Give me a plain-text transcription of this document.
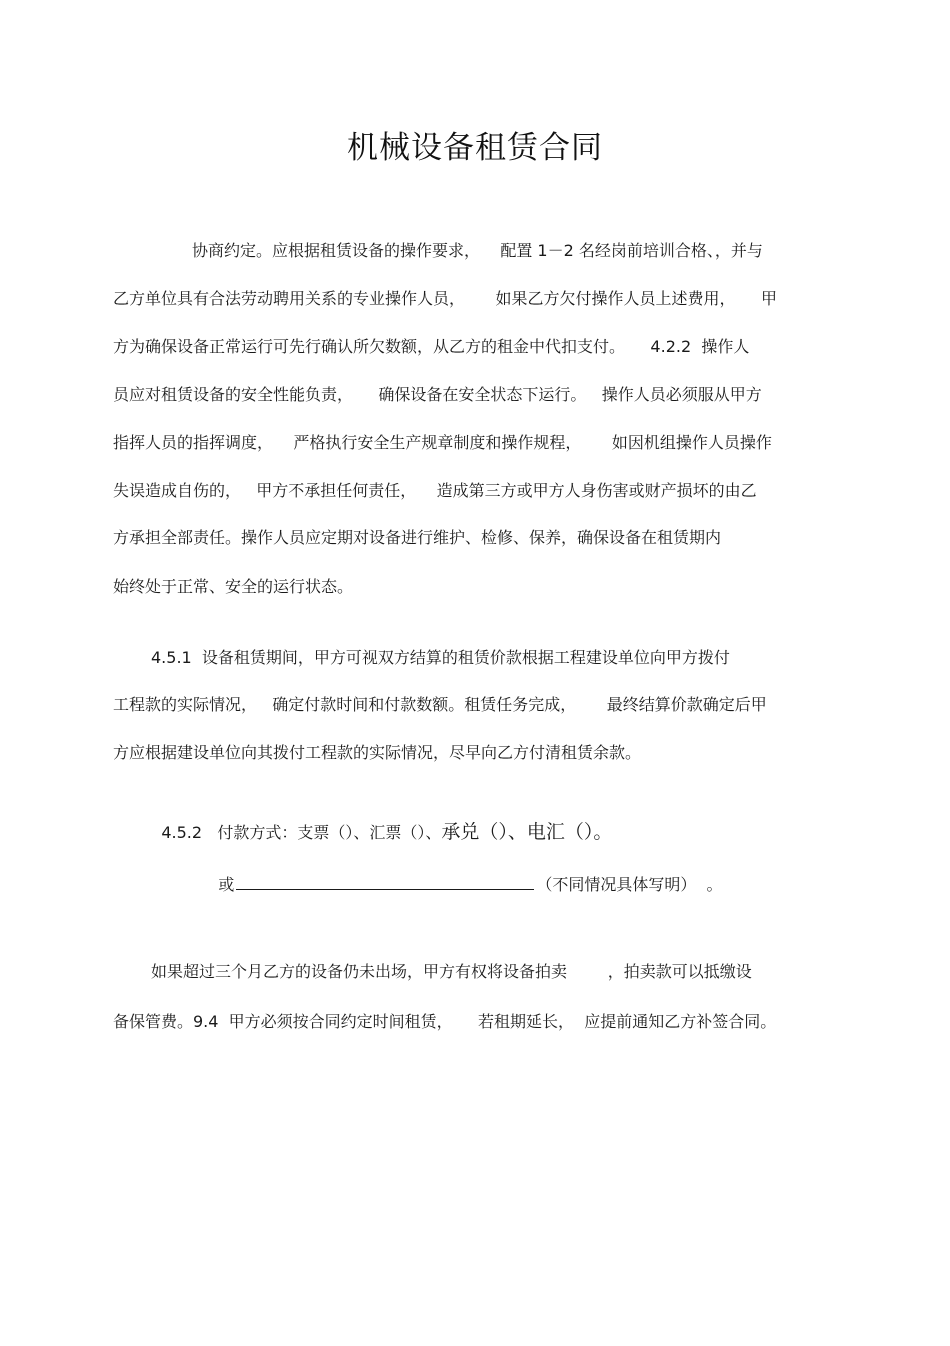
机械设备租赁合同
协商约定。应根据租赁设备的操作要求，    配置 1－2 名经岗前培训合格、，并与
乙方单位具有合法劳动聘用关系的专业操作人员，      如果乙方欠付操作人员上述费用，     甲
方为确保设备正常运行可先行确认所欠数额，从乙方的租金中代扣支付。     4.2.2  操作人
员应对租赁设备的安全性能负责，     确保设备在安全状态下运行。   操作人员必须服从甲方
指挥人员的指挥调度，    严格执行安全生产规章制度和操作规程，      如因机组操作人员操作
失误造成自伤的，   甲方不承担任何责任，    造成第三方或甲方人身伤害或财产损坏的由乙
方承担全部责任。操作人员应定期对设备进行维护、检修、保养，确保设备在租赁期内
始终处于正常、安全的运行状态。
4.5.1  设备租赁期间，甲方可视双方结算的租赁价款根据工程建设单位向甲方拨付
工程款的实际情况，   确定付款时间和付款数额。租赁任务完成，      最终结算价款确定后甲
方应根据建设单位向其拨付工程款的实际情况，尽早向乙方付清租赁余款。

4.5.2   付款方式：支票（）、汇票（）、承兑（）、电汇（）。

或	（不同情况具体写明）  。

如果超过三个月乙方的设备仍未出场，甲方有权将设备拍卖        ，拍卖款可以抵缴设
备保管费。9.4  甲方必须按合同约定时间租赁，     若租期延长，  应提前通知乙方补签合同。
